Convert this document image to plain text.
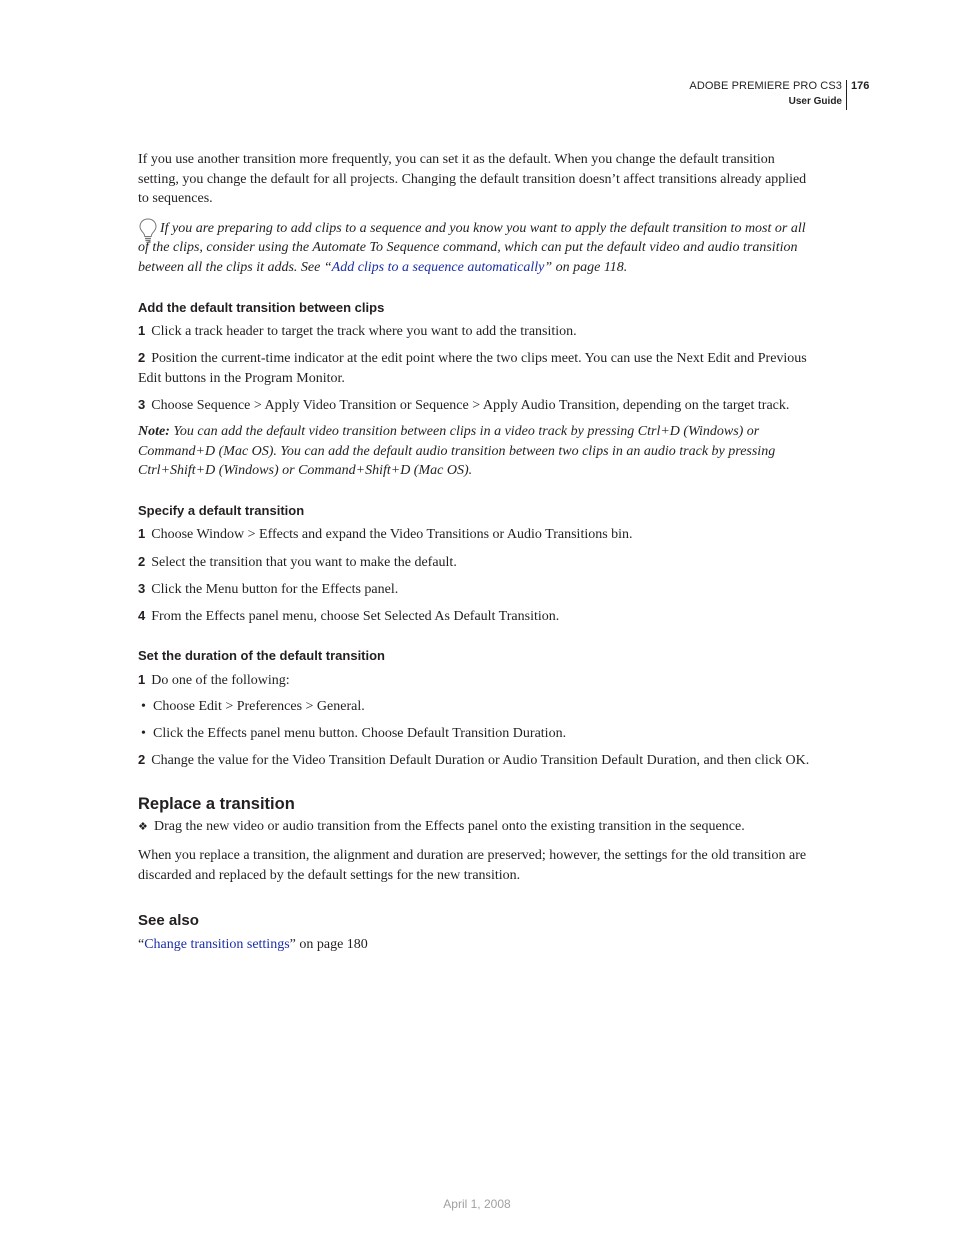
ADOBE PREMIERE PRO CS3
User Guide
176

If you use another transition more frequently, you can set it as the default. When you change the default transition setting, you change the default for all projects. Changing the default transition doesn’t affect transitions already applied to sequences.

If you are preparing to add clips to a sequence and you know you want to apply the default transition to most or all of the clips, consider using the Automate To Sequence command, which can put the default video and audio transition between all the clips it adds. See “Add clips to a sequence automatically” on page 118.

Add the default transition between clips

1 Click a track header to target the track where you want to add the transition.

2 Position the current-time indicator at the edit point where the two clips meet. You can use the Next Edit and Previous Edit buttons in the Program Monitor.

3 Choose Sequence > Apply Video Transition or Sequence > Apply Audio Transition, depending on the target track.

Note: You can add the default video transition between clips in a video track by pressing Ctrl+D (Windows) or Command+D (Mac OS). You can add the default audio transition between two clips in an audio track by pressing Ctrl+Shift+D (Windows) or Command+Shift+D (Mac OS).

Specify a default transition

1 Choose Window > Effects and expand the Video Transitions or Audio Transitions bin.

2 Select the transition that you want to make the default.

3 Click the Menu button for the Effects panel.

4 From the Effects panel menu, choose Set Selected As Default Transition.

Set the duration of the default transition

1 Do one of the following:

• Choose Edit > Preferences > General.

• Click the Effects panel menu button. Choose Default Transition Duration.

2 Change the value for the Video Transition Default Duration or Audio Transition Default Duration, and then click OK.

Replace a transition

❖ Drag the new video or audio transition from the Effects panel onto the existing transition in the sequence.

When you replace a transition, the alignment and duration are preserved; however, the settings for the old transition are discarded and replaced by the default settings for the new transition.

See also

“Change transition settings” on page 180

April 1, 2008
